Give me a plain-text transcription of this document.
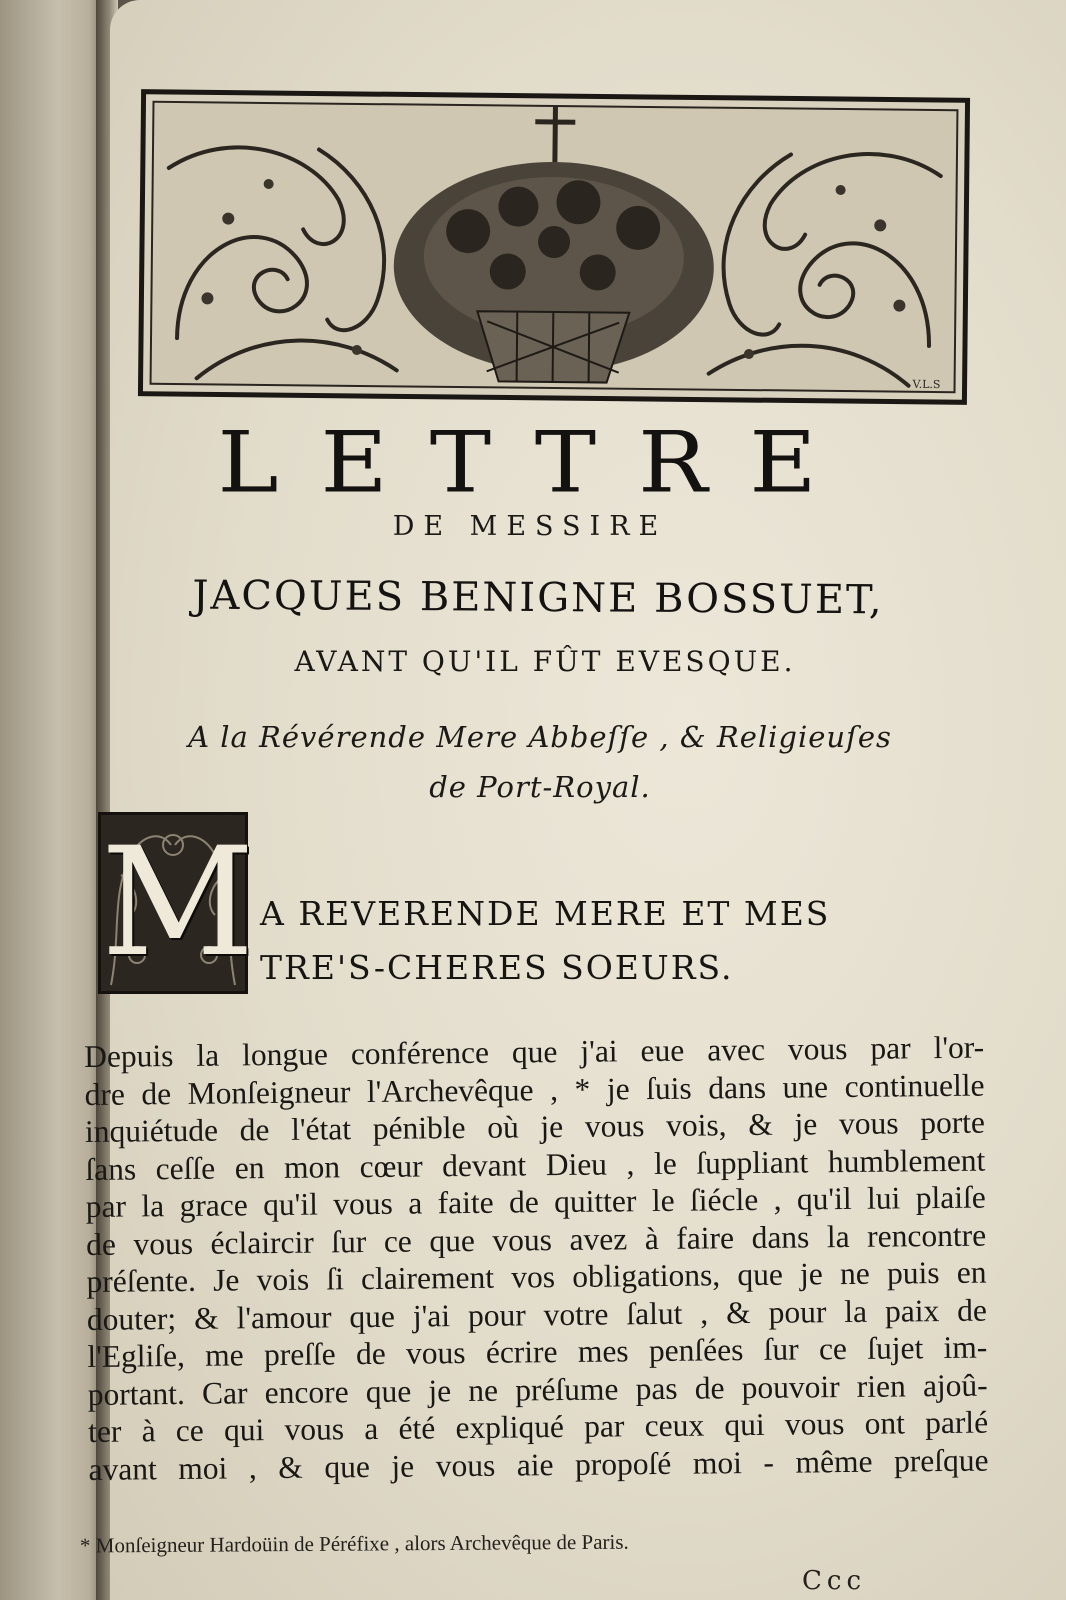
V.L.S
LETTRE
DE MESSIRE
JACQUES BENIGNE BOSSUET,
AVANT QU'IL FÛT EVESQUE.
A la Révérende Mere Abbeſſe , & Religieuſes
de Port-Royal.
M A REVERENDE MERE ET MES
TRE'S-CHERES SOEURS.
Depuis la longue conférence que j'ai eue avec vous par l'or-
dre de Monſeigneur l'Archevêque , * je ſuis dans une continuelle
inquiétude de l'état pénible où je vous vois, & je vous porte
ſans ceſſe en mon cœur devant Dieu , le ſuppliant humblement
par la grace qu'il vous a faite de quitter le ſiécle , qu'il lui plaiſe
de vous éclaircir ſur ce que vous avez à faire dans la rencontre
préſente. Je vois ſi clairement vos obligations, que je ne puis en
douter; & l'amour que j'ai pour votre ſalut , & pour la paix de
l'Egliſe, me preſſe de vous écrire mes penſées ſur ce ſujet im-
portant. Car encore que je ne préſume pas de pouvoir rien ajoû-
ter à ce qui vous a été expliqué par ceux qui vous ont parlé
avant moi , & que je vous aie propoſé moi - même preſque
* Monſeigneur Hardoüin de Péréfixe , alors Archevêque de Paris.
Ccc
